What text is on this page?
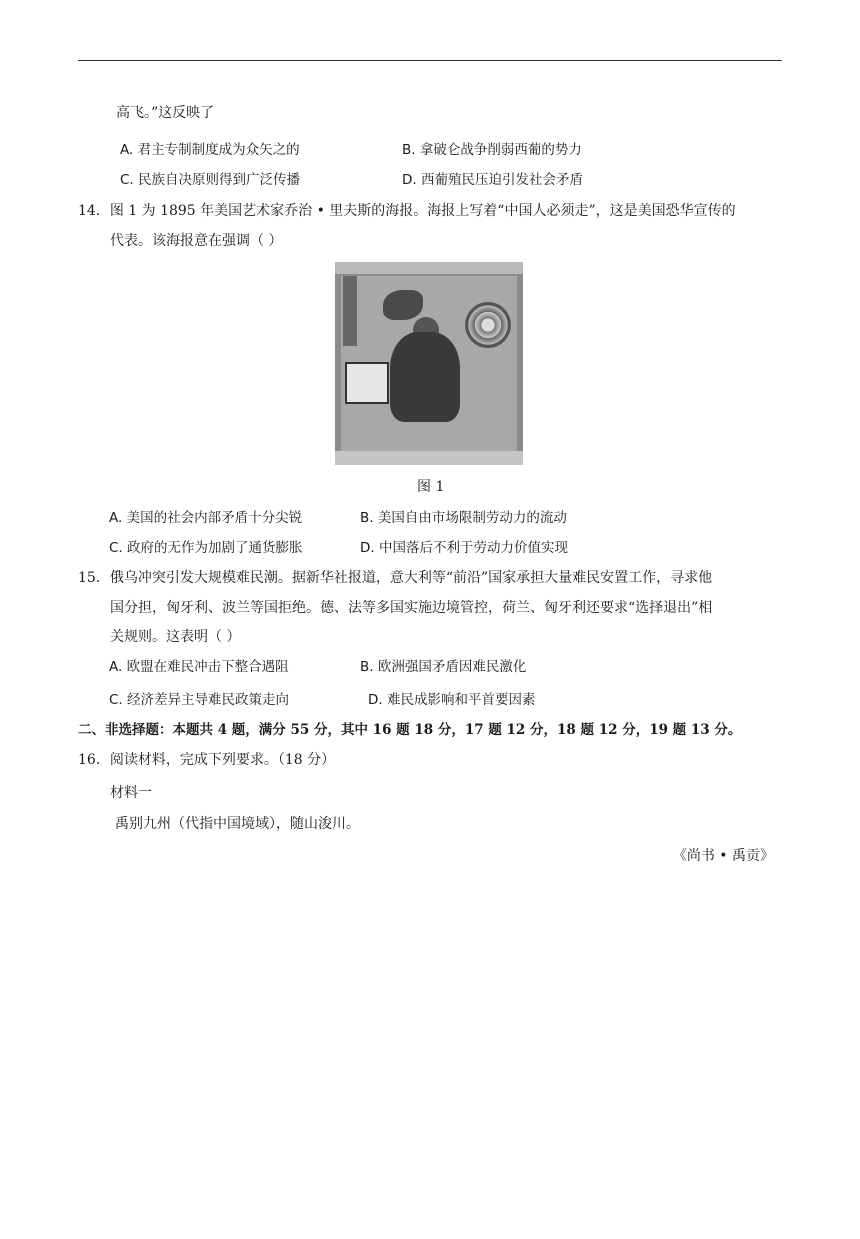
高飞。”这反映了
A. 君主专制制度成为众矢之的	B. 拿破仑战争削弱西葡的势力
C. 民族自决原则得到广泛传播	D. 西葡殖民压迫引发社会矛盾
14．图 1 为 1895 年美国艺术家乔治 • 里夫斯的海报。海报上写着“中国人必须走”，这是美国恐华宣传的
代表。该海报意在强调（ ）
图 1
A. 美国的社会内部矛盾十分尖锐	B. 美国自由市场限制劳动力的流动
C. 政府的无作为加剧了通货膨胀	D. 中国落后不利于劳动力价值实现
15．俄乌冲突引发大规模难民潮。据新华社报道，意大利等“前沿”国家承担大量难民安置工作，寻求他
国分担，匈牙利、波兰等国拒绝。德、法等多国实施边境管控，荷兰、匈牙利还要求“选择退出”相
关规则。这表明（ ）
A. 欧盟在难民冲击下整合遇阻	B. 欧洲强国矛盾因难民激化
C. 经济差异主导难民政策走向	D. 难民成影响和平首要因素
二、非选择题：本题共 4 题，满分 55 分，其中 16 题 18 分，17 题 12 分，18 题 12 分，19 题 13 分。
16．阅读材料，完成下列要求。（18 分）
材料一
禹别九州（代指中国境域），随山浚川。
《尚书 • 禹贡》
